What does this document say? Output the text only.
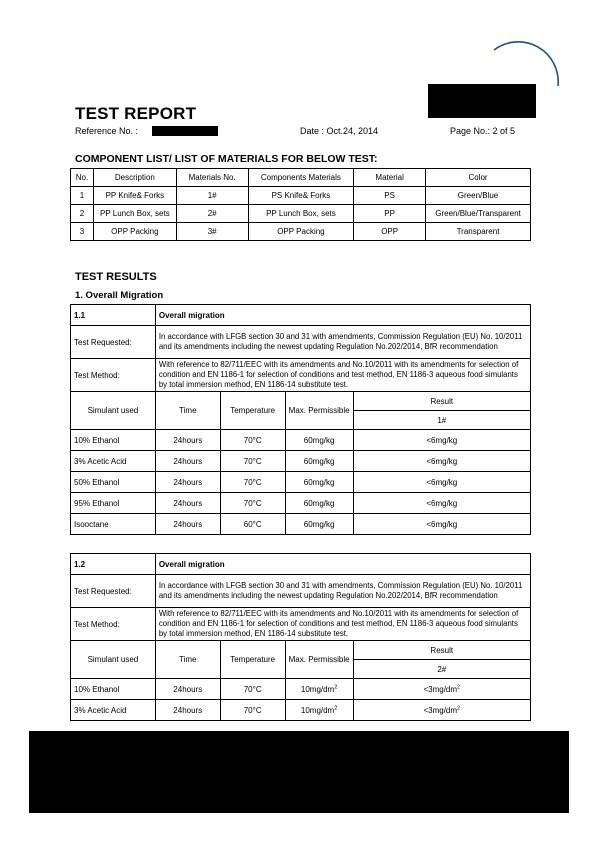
TEST REPORT
Reference No. :	Date : Oct.24, 2014	Page No.: 2 of 5
COMPONENT LIST/ LIST OF MATERIALS FOR BELOW TEST:
No.	Description	Materials No.	Components Materials	Material	Color
1	PP Knife& Forks	1#	PS Knife& Forks	PS	Green/Blue
2	PP Lunch Box, sets	2#	PP Lunch Box, sets	PP	Green/Blue/Transparent
3	OPP Packing	3#	OPP Packing	OPP	Transparent
TEST RESULTS
1. Overall Migration
1.1	Overall migration			
Test Requested:	In accordance with LFGB section 30 and 31 with amendments, Commission Regulation (EU) No. 10/2011 and its amendments including the newest updating Regulation No.202/2014, BfR recommendation			
Test Method:	With reference to 82/711/EEC with its amendments and No.10/2011 with its amendments for selection of condition and EN 1186-1 for selection of conditions and test method, EN 1186-3 aqueous food simulants by total immersion method, EN 1186-14 substitute test.			
Simulant used	Time	Temperature	Max. Permissible	Result
				1#
10% Ethanol	24hours	70°C	60mg/kg	<6mg/kg
3% Acetic Acid	24hours	70°C	60mg/kg	<6mg/kg
50% Ethanol	24hours	70°C	60mg/kg	<6mg/kg
95% Ethanol	24hours	70°C	60mg/kg	<6mg/kg
Isooctane	24hours	60°C	60mg/kg	<6mg/kg
1.2	Overall migration			
Test Requested:	In accordance with LFGB section 30 and 31 with amendments, Commission Regulation (EU) No. 10/2011 and its amendments including the newest updating Regulation No.202/2014, BfR recommendation			
Test Method:	With reference to 82/711/EEC with its amendments and No.10/2011 with its amendments for selection of condition and EN 1186-1 for selection of conditions and test method, EN 1186-3 aqueous food simulants by total immersion method, EN 1186-14 substitute test.			
Simulant used	Time	Temperature	Max. Permissible	Result
				2#
10% Ethanol	24hours	70°C	$10mg/dm^2$	$<3mg/dm^2$
3% Acetic Acid	24hours	70°C	$10mg/dm^2$	$<3mg/dm^2$
